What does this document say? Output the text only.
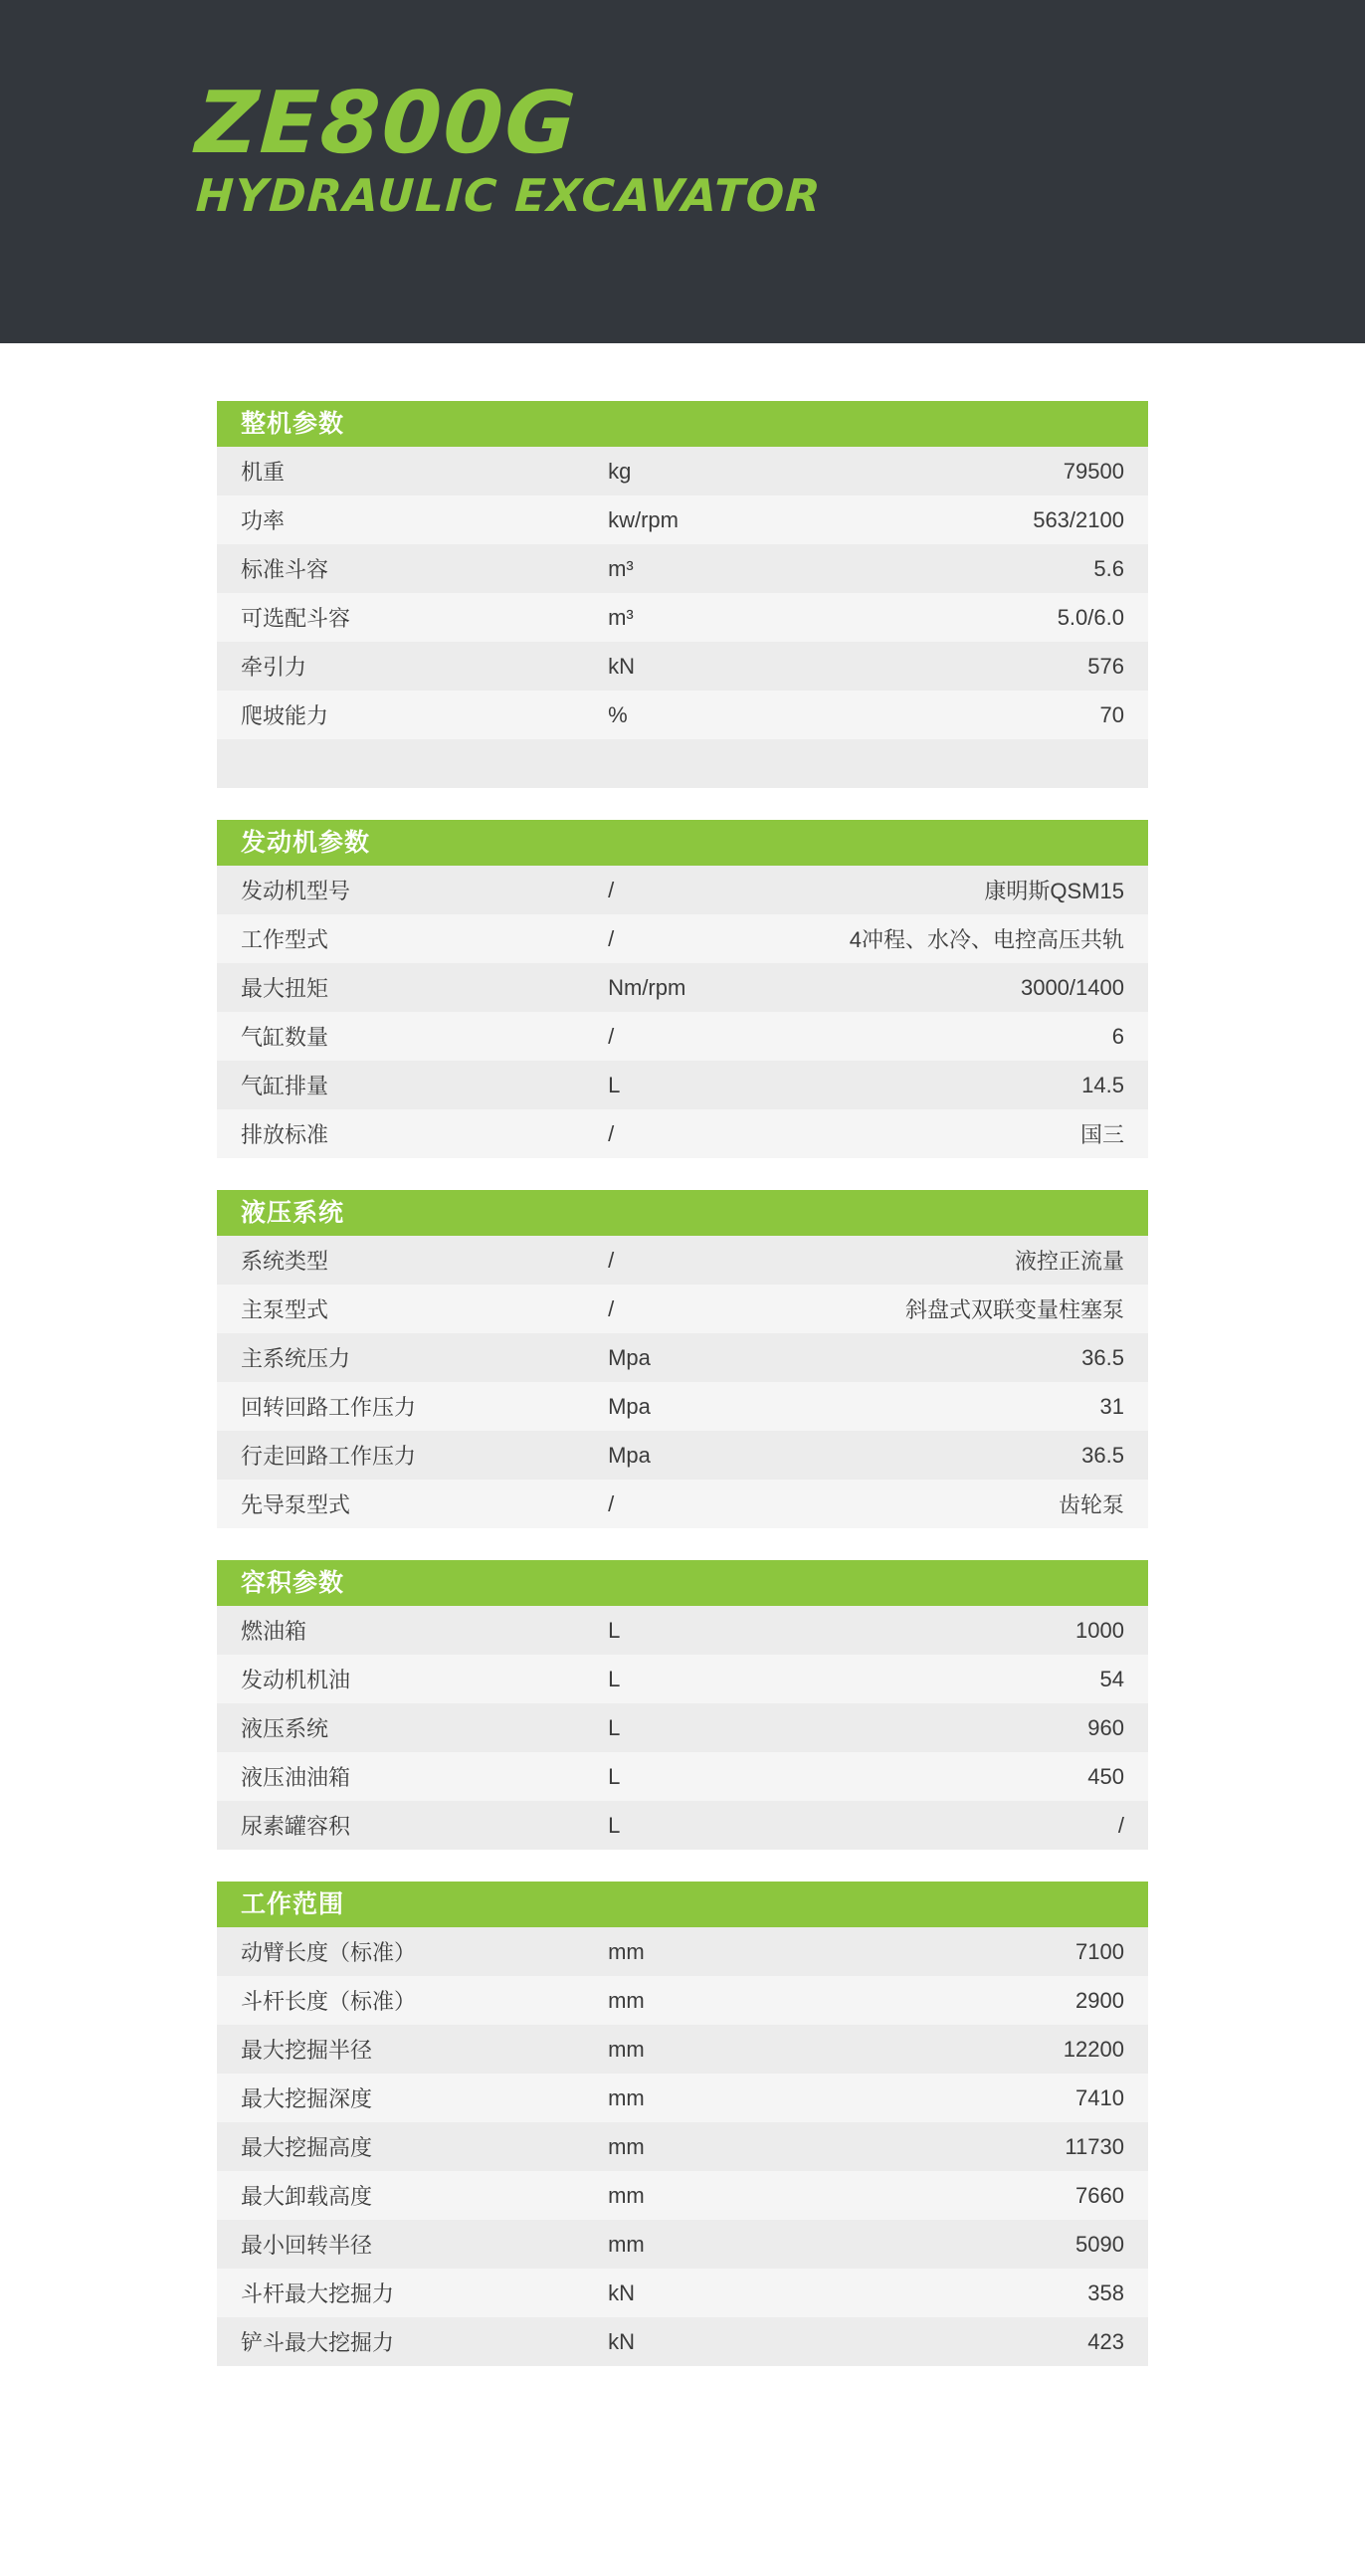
ZE800G
HYDRAULIC EXCAVATOR
整机参数
机重	kg	79500
功率	kw/rpm	563/2100
标准斗容	m³	5.6
可选配斗容	m³	5.0/6.0
牵引力	kN	576
爬坡能力	%	70
发动机参数
发动机型号	/	康明斯QSM15
工作型式	/	4冲程、水冷、电控高压共轨
最大扭矩	Nm/rpm	3000/1400
气缸数量	/	6
气缸排量	L	14.5
排放标准	/	国三
液压系统
系统类型	/	液控正流量
主泵型式	/	斜盘式双联变量柱塞泵
主系统压力	Mpa	36.5
回转回路工作压力	Mpa	31
行走回路工作压力	Mpa	36.5
先导泵型式	/	齿轮泵
容积参数
燃油箱	L	1000
发动机机油	L	54
液压系统	L	960
液压油油箱	L	450
尿素罐容积	L	/
工作范围
动臂长度（标准）	mm	7100
斗杆长度（标准）	mm	2900
最大挖掘半径	mm	12200
最大挖掘深度	mm	7410
最大挖掘高度	mm	11730
最大卸载高度	mm	7660
最小回转半径	mm	5090
斗杆最大挖掘力	kN	358
铲斗最大挖掘力	kN	423
